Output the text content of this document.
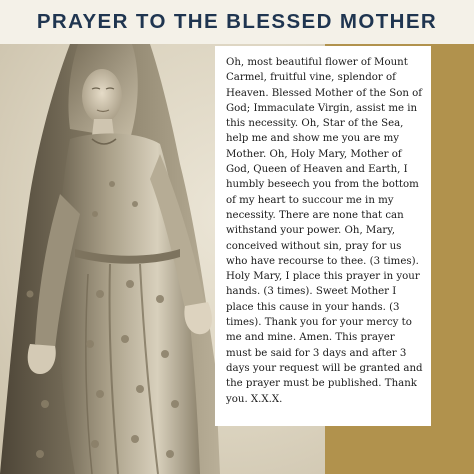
PRAYER TO THE BLESSED MOTHER

Oh, most beautiful flower of Mount Carmel, fruitful vine, splendor of Heaven. Blessed Mother of the Son of God; Immaculate Virgin, assist me in this necessity. Oh, Star of the Sea, help me and show me you are my Mother. Oh, Holy Mary, Mother of God, Queen of Heaven and Earth, I humbly beseech you from the bottom of my heart to succour me in my necessity. There are none that can withstand your power. Oh, Mary, conceived without sin, pray for us who have recourse to thee. (3 times). Holy Mary, I place this prayer in your hands. (3 times). Sweet Mother I place this cause in your hands. (3 times). Thank you for your mercy to me and mine. Amen. This prayer must be said for 3 days and after 3 days your request will be granted and the prayer must be published. Thank you. X.X.X.
